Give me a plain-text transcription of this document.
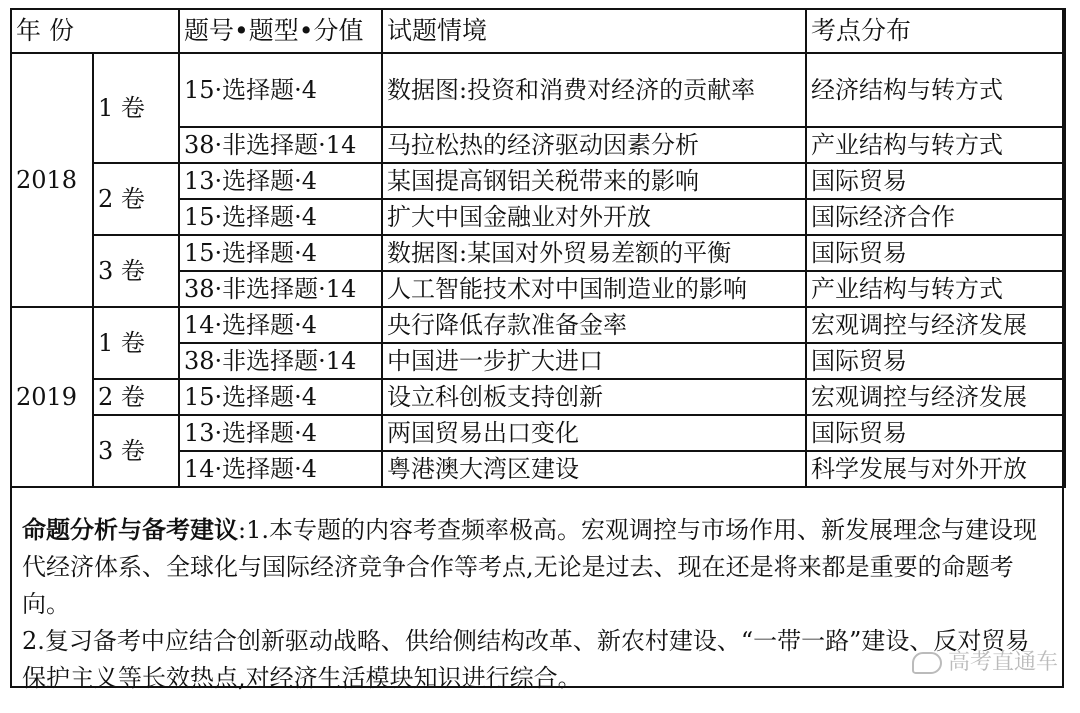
年 份		题号•题型•分值	试题情境	考点分布
2018	1 卷	15·选择题·4	数据图:投资和消费对经济的贡献率	经济结构与转方式
		38·非选择题·14	马拉松热的经济驱动因素分析	产业结构与转方式
	2 卷	13·选择题·4	某国提高钢铝关税带来的影响	国际贸易
		15·选择题·4	扩大中国金融业对外开放	国际经济合作
	3 卷	15·选择题·4	数据图:某国对外贸易差额的平衡	国际贸易
		38·非选择题·14	人工智能技术对中国制造业的影响	产业结构与转方式
2019	1 卷	14·选择题·4	央行降低存款准备金率	宏观调控与经济发展
		38·非选择题·14	中国进一步扩大进口	国际贸易
	2 卷	15·选择题·4	设立科创板支持创新	宏观调控与经济发展
	3 卷	13·选择题·4	两国贸易出口变化	国际贸易
		14·选择题·4	粤港澳大湾区建设	科学发展与对外开放
命题分析与备考建议:1.本专题的内容考查频率极高。宏观调控与市场作用、新发展理念与建设现代经济体系、全球化与国际经济竞争合作等考点,无论是过去、现在还是将来都是重要的命题考向。
2.复习备考中应结合创新驱动战略、供给侧结构改革、新农村建设、“一带一路”建设、反对贸易保护主义等长效热点,对经济生活模块知识进行综合。
高考直通车
